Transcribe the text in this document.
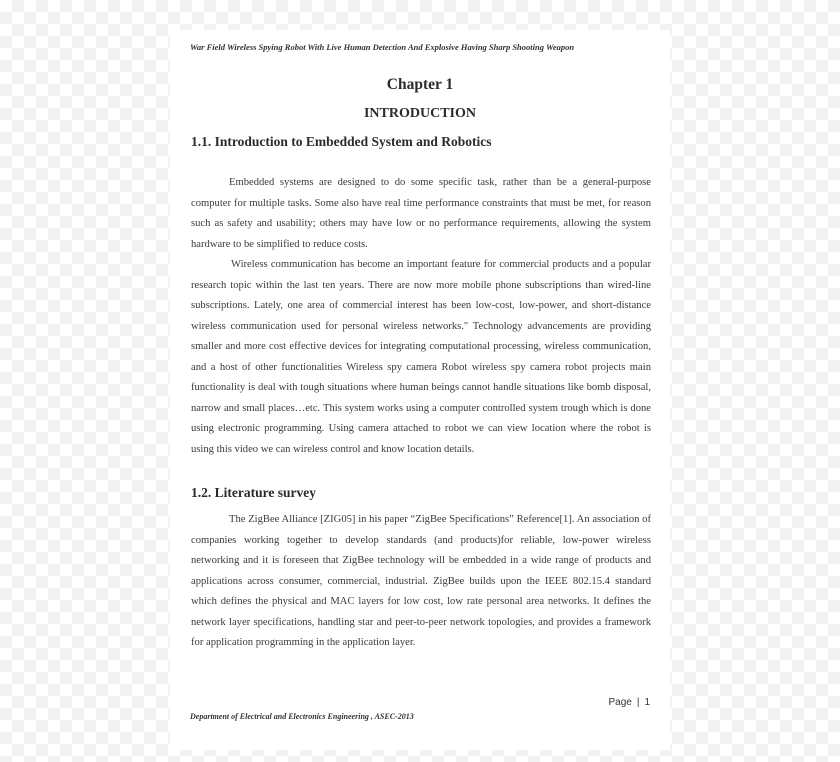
War Field Wireless Spying Robot With Live Human Detection And Explosive Having Sharp Shooting Weapon
Chapter 1
INTRODUCTION
1.1. Introduction to Embedded System and Robotics

Embedded systems are designed to do some specific task, rather than be a general-purpose computer for multiple tasks. Some also have real time performance constraints that must be met, for reason such as safety and usability; others may have low or no performance requirements, allowing the system hardware to be simplified to reduce costs.

Wireless communication has become an important feature for commercial products and a popular research topic within the last ten years. There are now more mobile phone subscriptions than wired-line subscriptions. Lately, one area of commercial interest has been low-cost, low-power, and short-distance wireless communication used for personal wireless networks." Technology advancements are providing smaller and more cost effective devices for integrating computational processing, wireless communication, and a host of other functionalities Wireless spy camera Robot wireless spy camera robot projects main functionality is deal with tough situations where human beings cannot handle situations like bomb disposal, narrow and small places…etc. This system works using a computer controlled system trough which is done using electronic programming. Using camera attached to robot we can view location where the robot is using this video we can wireless control and know location details.

1.2. Literature survey

The ZigBee Alliance [ZIG05] in his paper “ZigBee Specifications” Reference[1]. An association of companies working together to develop standards (and products)for reliable, low-power wireless networking and it is foreseen that ZigBee technology will be embedded in a wide range of products and applications across consumer, commercial, industrial. ZigBee builds upon the IEEE 802.15.4 standard which defines the physical and MAC layers for low cost, low rate personal area networks. It defines the network layer specifications, handling star and peer-to-peer network topologies, and provides a framework for application programming in the application layer.

Page | 1
Department of Electrical and Electronics Engineering , ASEC-2013
